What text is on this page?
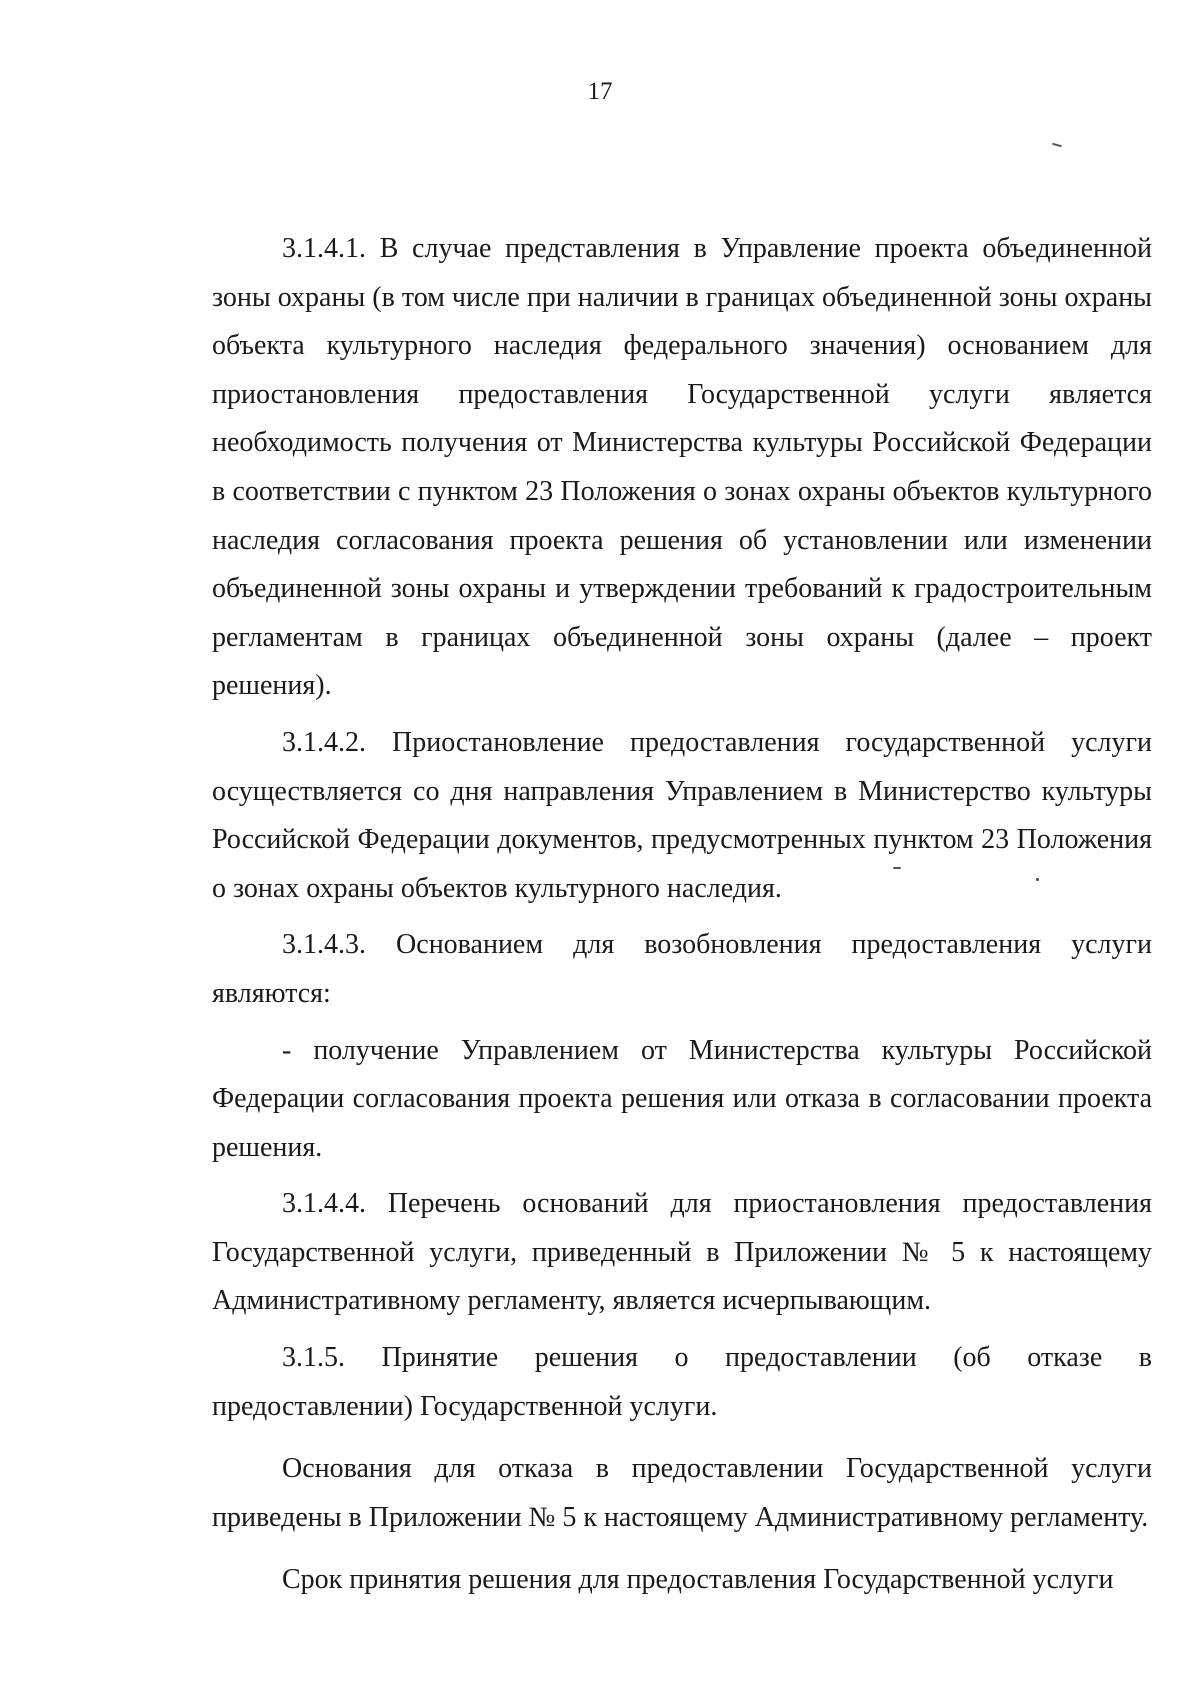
17

3.1.4.1. В случае представления в Управление проекта объединенной зоны охраны (в том числе при наличии в границах объединенной зоны охраны объекта культурного наследия федерального значения) основанием для приостановления предоставления Государственной услуги является необходимость получения от Министерства культуры Российской Федерации в соответствии с пунктом 23 Положения о зонах охраны объектов культурного наследия согласования проекта решения об установлении или изменении объединенной зоны охраны и утверждении требований к градостроительным регламентам в границах объединенной зоны охраны (далее – проект решения).

3.1.4.2. Приостановление предоставления государственной услуги осуществляется со дня направления Управлением в Министерство культуры Российской Федерации документов, предусмотренных пунктом 23 Положения о зонах охраны объектов культурного наследия.

3.1.4.3. Основанием для возобновления предоставления услуги являются:

- получение Управлением от Министерства культуры Российской Федерации согласования проекта решения или отказа в согласовании проекта решения.

3.1.4.4. Перечень оснований для приостановления предоставления Государственной услуги, приведенный в Приложении № 5 к настоящему Административному регламенту, является исчерпывающим.

3.1.5. Принятие решения о предоставлении (об отказе в предоставлении) Государственной услуги.

Основания для отказа в предоставлении Государственной услуги приведены в Приложении № 5 к настоящему Административному регламенту.

Срок принятия решения для предоставления Государственной услуги
